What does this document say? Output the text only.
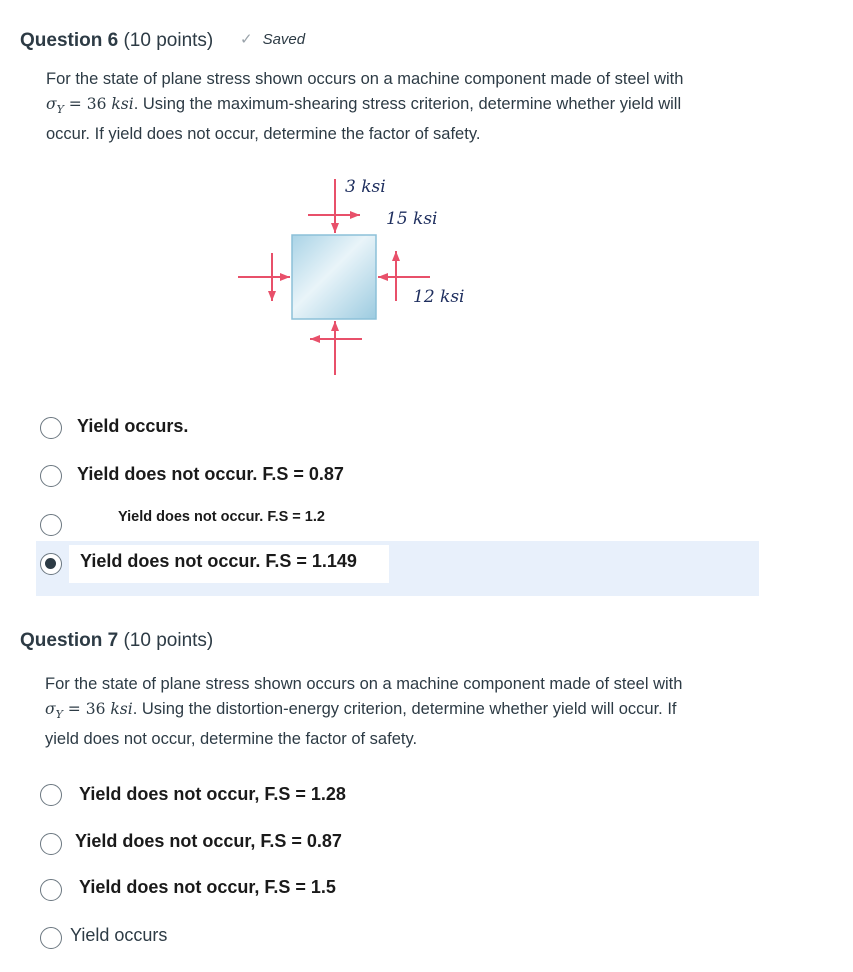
Question 6 (10 points) ✓ Saved
For the state of plane stress shown occurs on a machine component made of steel with
$\sigma_Y = 36$ ksi. Using the maximum-shearing stress criterion, determine whether yield will
occur. If yield does not occur, determine the factor of safety.
3 ksi
15 ksi
12 ksi
Yield occurs.
Yield does not occur. F.S = 0.87
Yield does not occur. F.S = 1.2
Yield does not occur. F.S = 1.149
Question 7 (10 points)
For the state of plane stress shown occurs on a machine component made of steel with
$\sigma_Y = 36$ ksi. Using the distortion-energy criterion, determine whether yield will occur. If
yield does not occur, determine the factor of safety.
Yield does not occur, F.S = 1.28
Yield does not occur, F.S = 0.87
Yield does not occur, F.S = 1.5
Yield occurs
